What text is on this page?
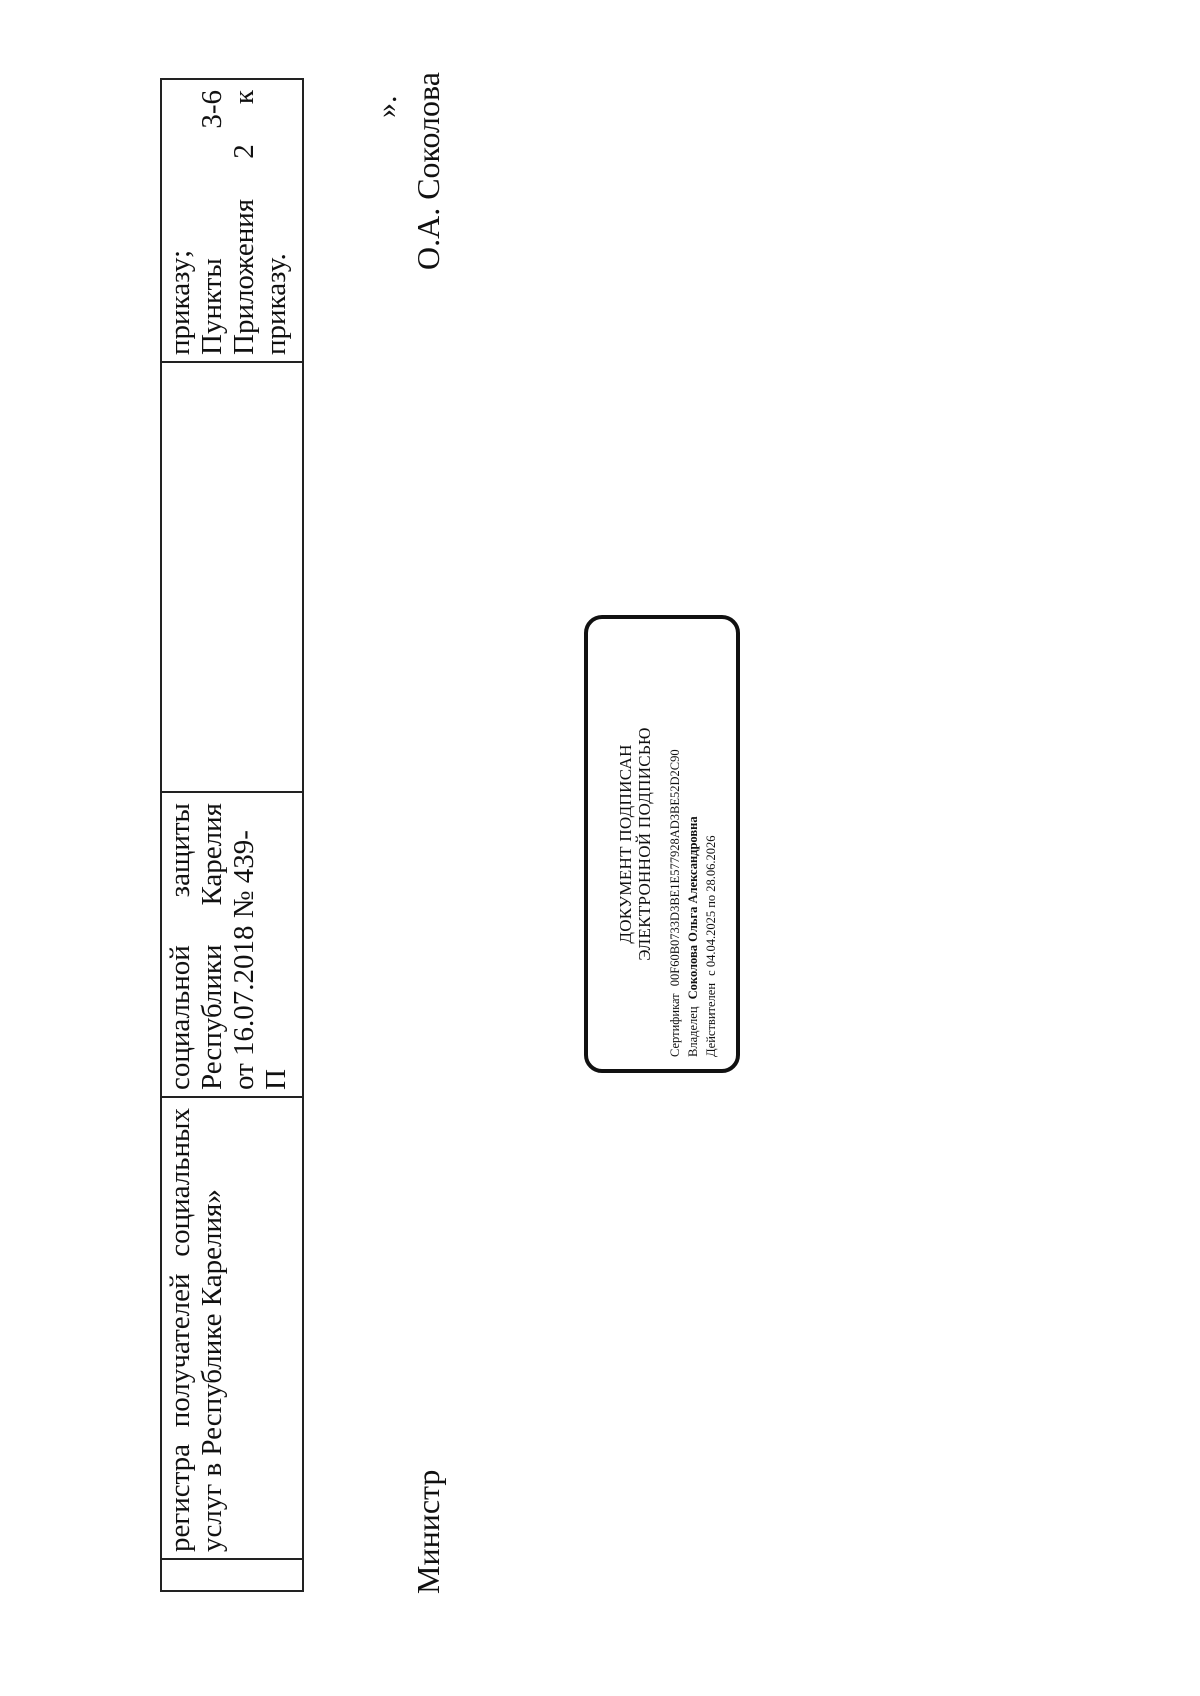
регистра получателей социальных услуг в Республике Карелия»

социальной защиты Республики Карелия от 16.07.2018 № 439- П

приказу; Пункты 3-6 Приложения 2 к приказу.
».
Министр
О.А. Соколова
ДОКУМЕНТ ПОДПИСАН ЭЛЕКТРОННОЙ ПОДПИСЬЮ
Сертификат 00F60B0733D3BE1E577928AD3BE52D2C90
Владелец Соколова Ольга Александровна
Действителен с 04.04.2025 по 28.06.2026
